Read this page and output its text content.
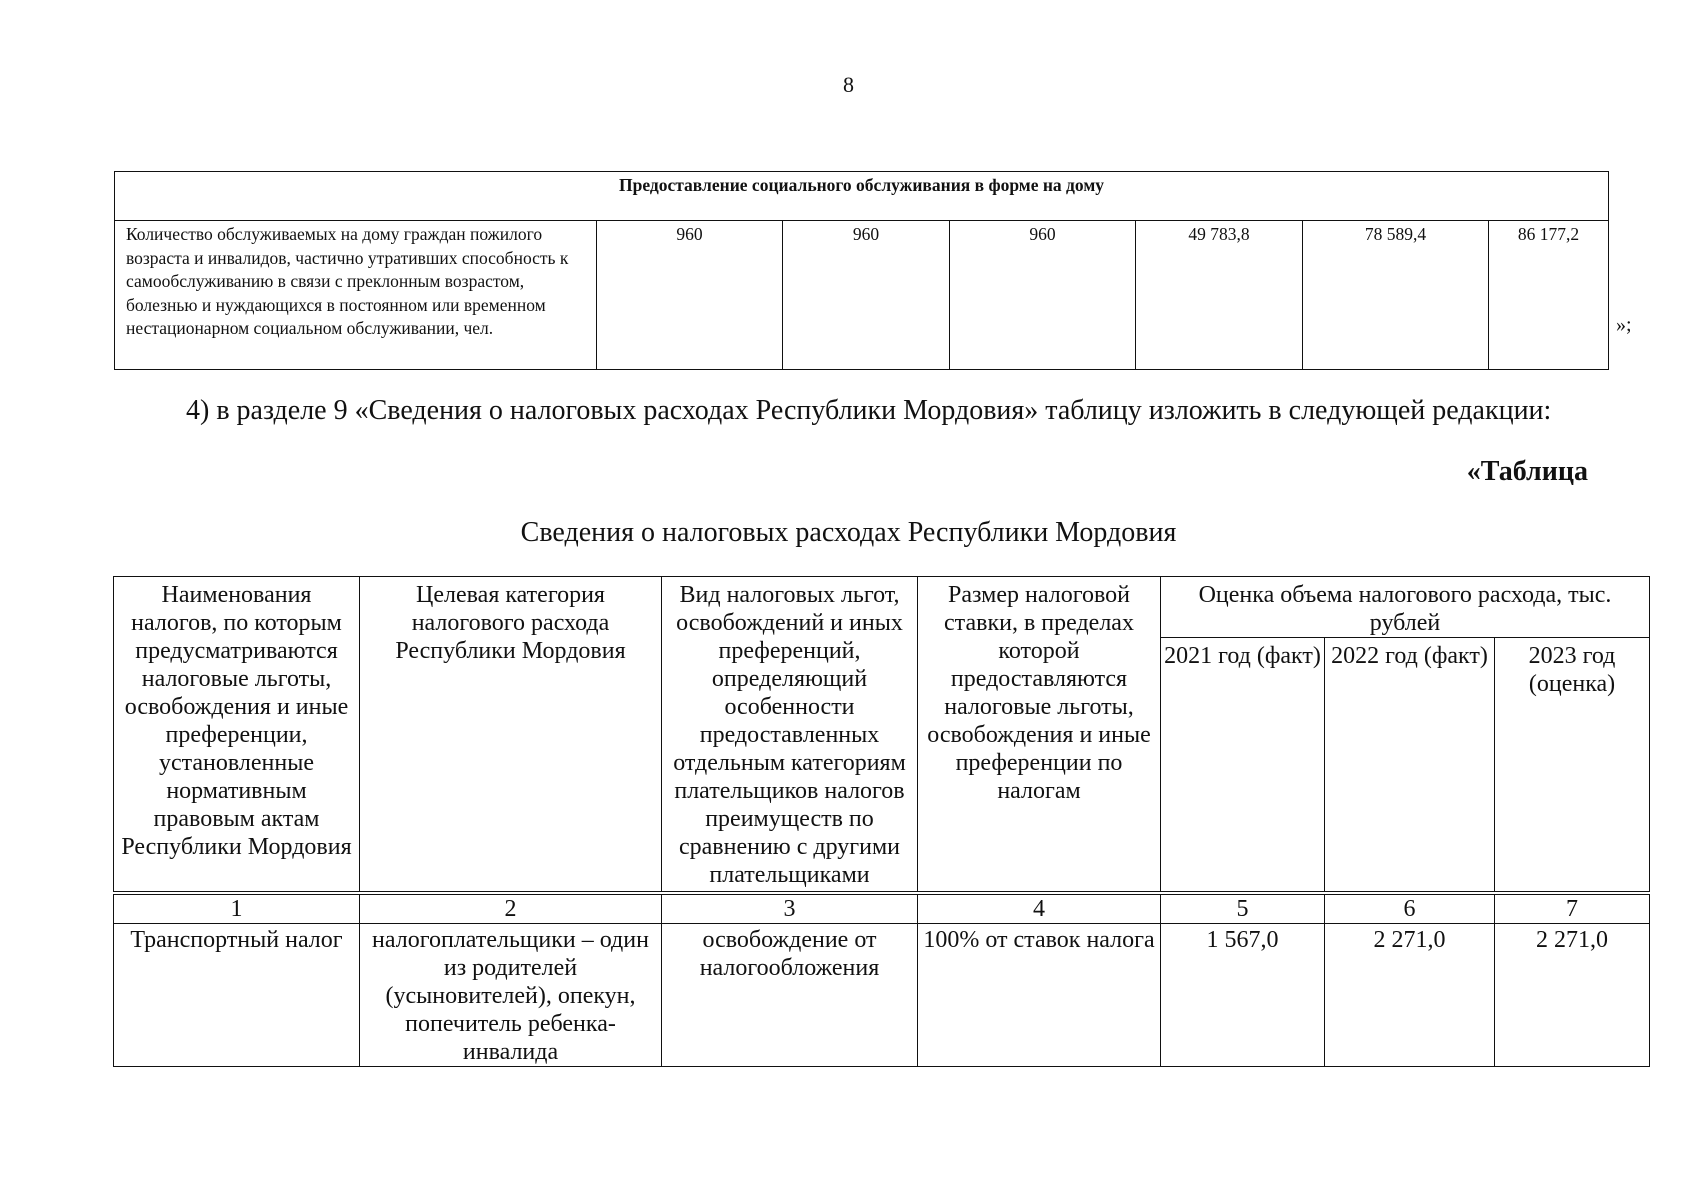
8
Предоставление социального обслуживания в форме на дому
Количество обслуживаемых на дому граждан пожилого возраста и инвалидов, частично утративших способность к самообслуживанию в связи с преклонным возрастом, болезнью и нуждающихся в постоянном или временном нестационарном социальном обслуживании, чел.	960	960	960	49 783,8	78 589,4	86 177,2
»;
4) в разделе 9 «Сведения о налоговых расходах Республики Мордовия» таблицу изложить в следующей редакции:
«Таблица
Сведения о налоговых расходах Республики Мордовия
Наименования налогов, по которым предусматриваются налоговые льготы, освобождения и иные преференции, установленные нормативным правовым актам Республики Мордовия	Целевая категория налогового расхода Республики Мордовия	Вид налоговых льгот, освобождений и иных преференций, определяющий особенности предоставленных отдельным категориям плательщиков налогов преимуществ по сравнению с другими плательщиками	Размер налоговой ставки, в пределах которой предоставляются налоговые льготы, освобождения и иные преференции по налогам	Оценка объема налогового расхода, тыс. рублей		
				2021 год (факт)	2022 год (факт)	2023 год (оценка)

1	2	3	4	5	6	7
Транспортный налог	налогоплательщики – один из родителей (усыновителей), опекун, попечитель ребенка-инвалида	освобождение от налогообложения	100% от ставок налога	1 567,0	2 271,0	2 271,0
